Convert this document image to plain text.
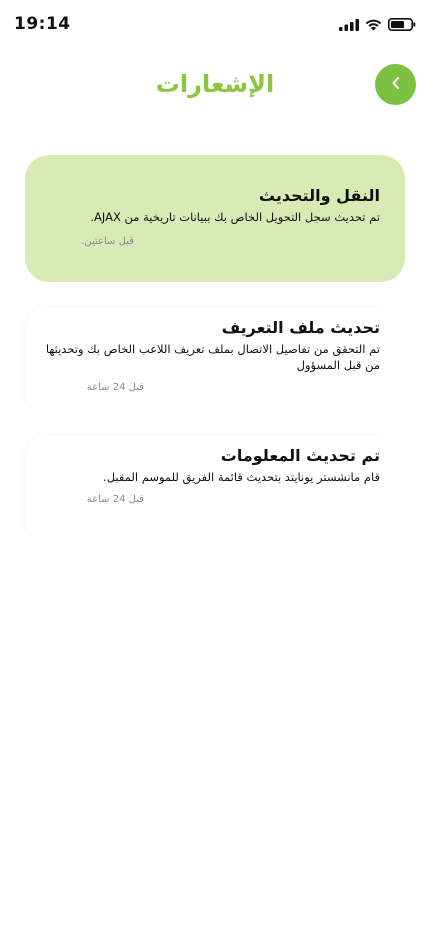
19:14
الإشعارات
النقل والتحديث
تم تحديث سجل التحويل الخاص بك ببيانات تاريخية من AJAX.
قبل ساعتين.
تحديث ملف التعريف
تم التحقق من تفاصيل الاتصال بملف تعريف اللاعب الخاص بك وتحديثها من قبل المسؤول
قبل 24 ساعة
تم تحديث المعلومات
قام مانشستر يونايتد بتحديث قائمة الفريق للموسم المقبل.
قبل 24 ساعة
